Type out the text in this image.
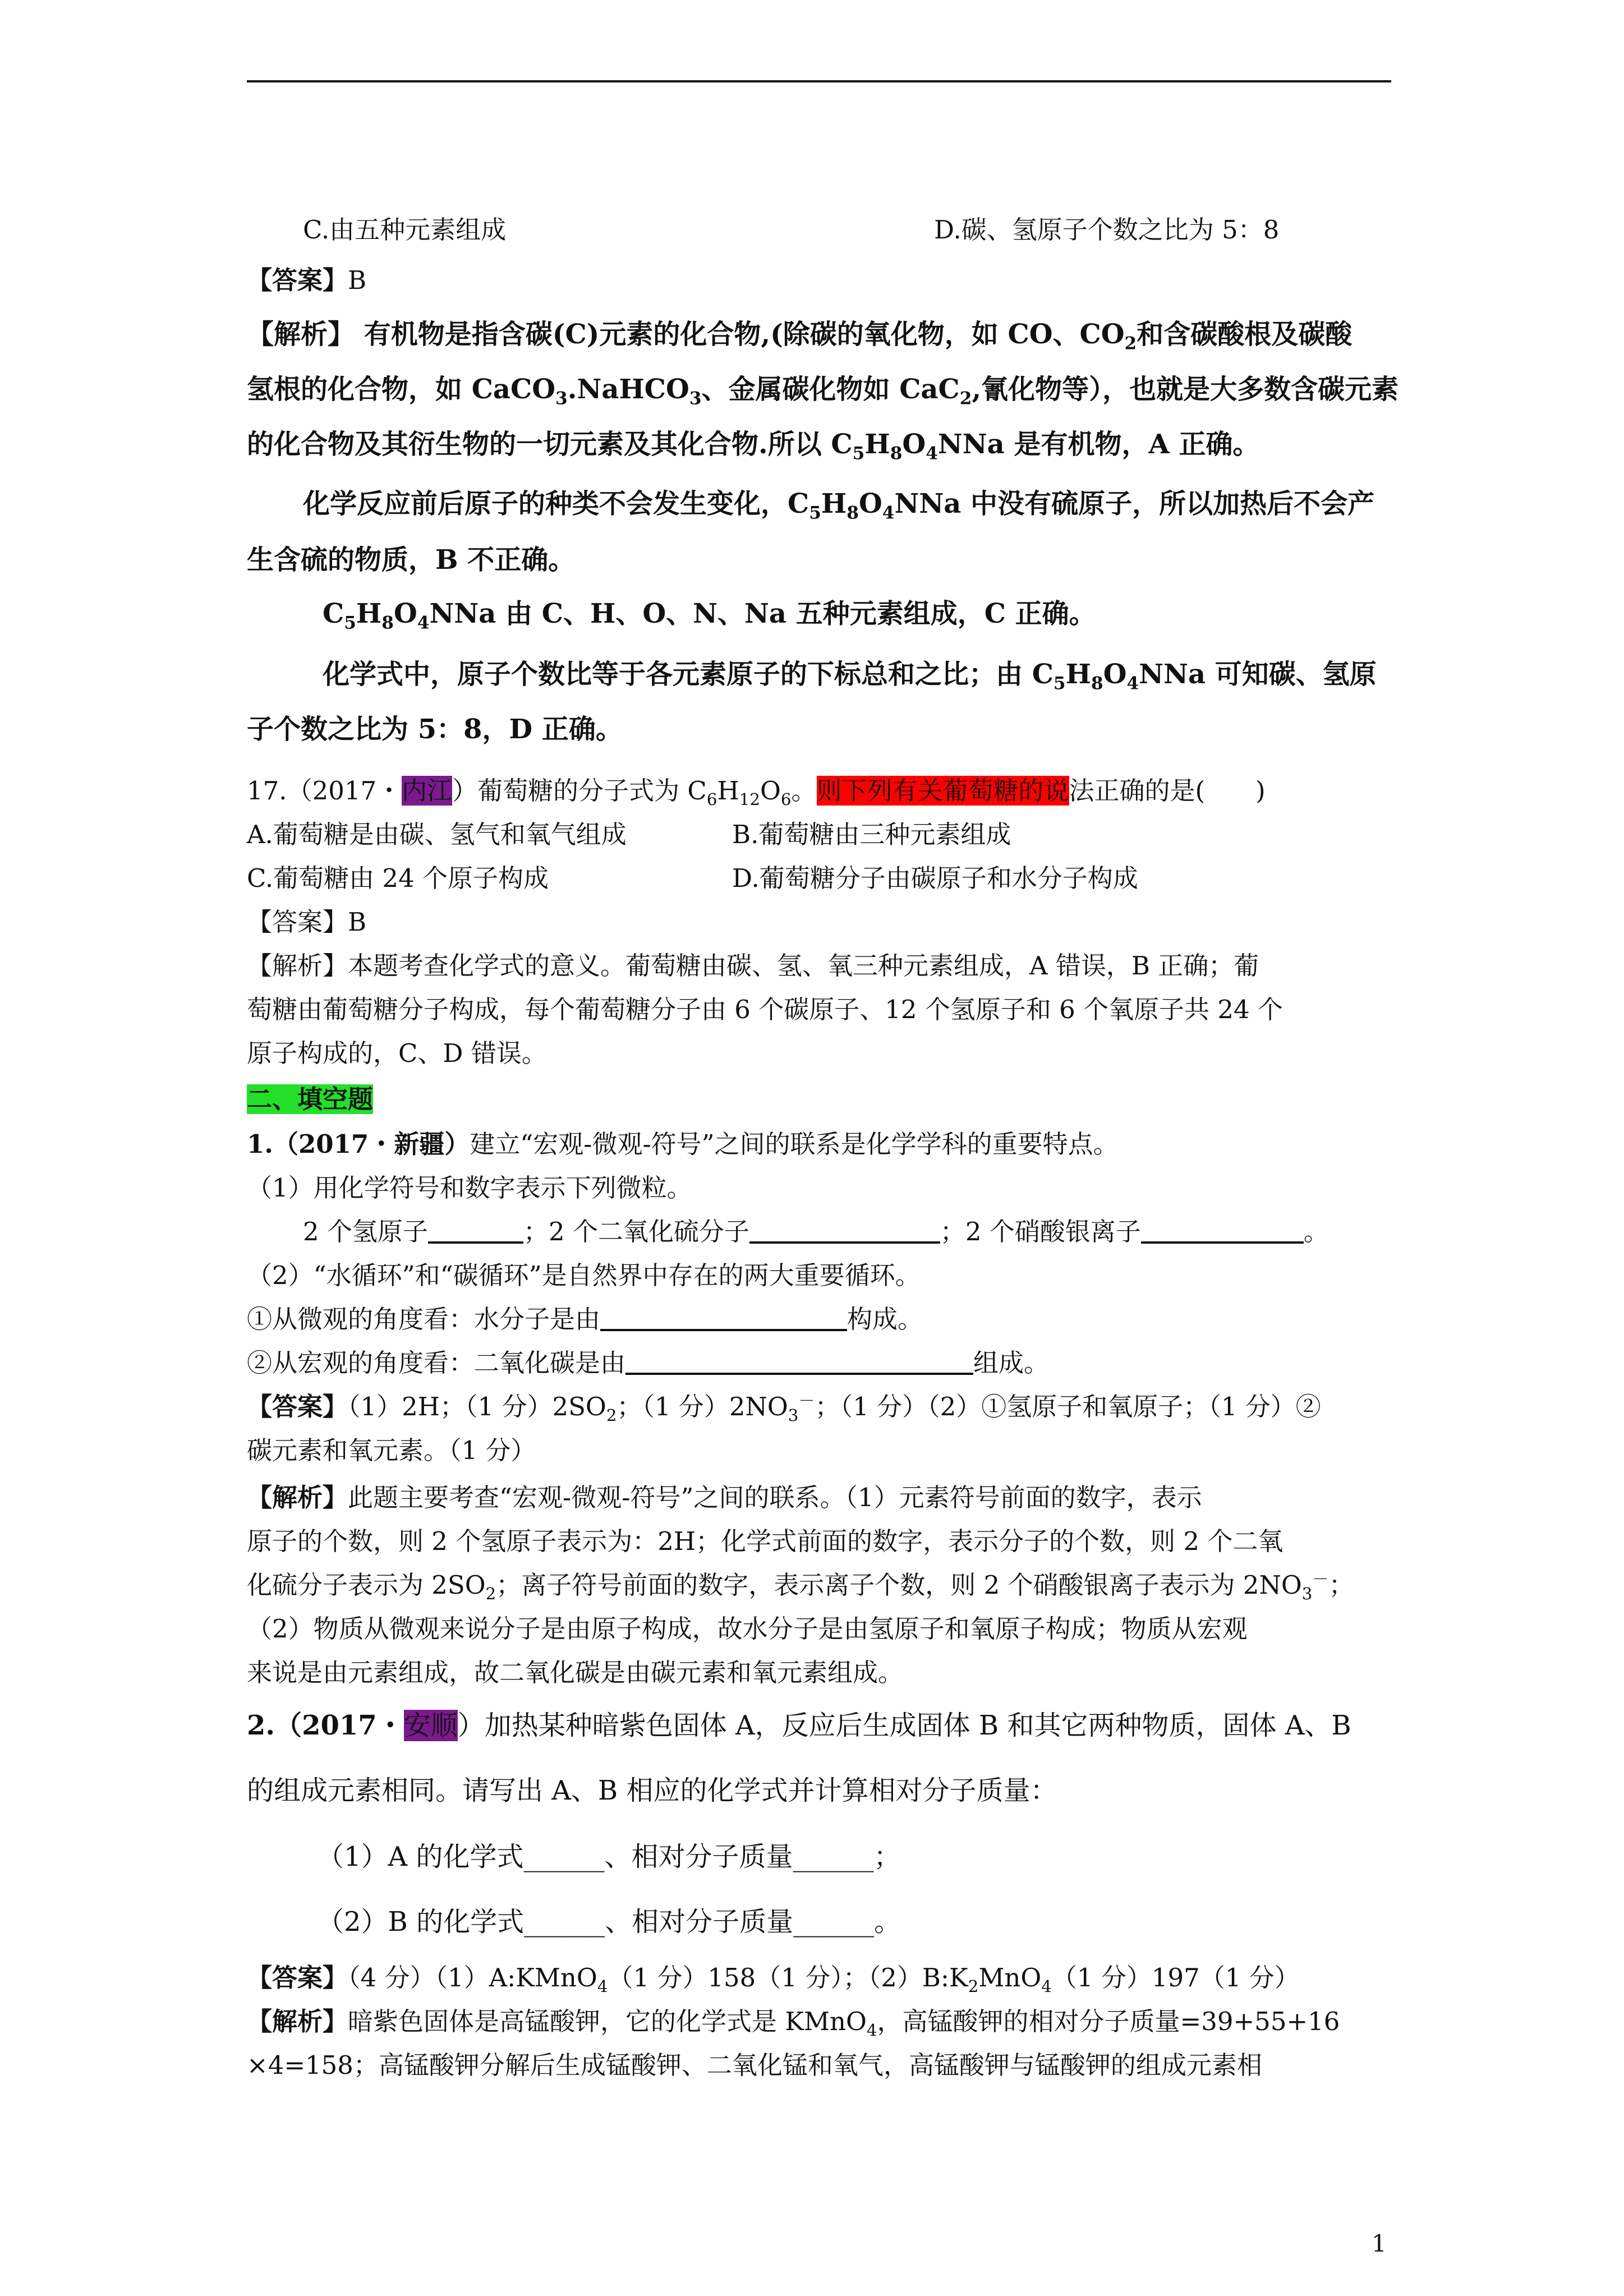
C.由五种元素组成	D.碳、氢原子个数之比为 5：8
【答案】B
【解析】 有机物是指含碳(C)元素的化合物,(除碳的氧化物，如 CO、$CO_2$和含碳酸根及碳酸
氢根的化合物，如 CaCO$_3$.NaHCO$_3$、金属碳化物如 CaC$_2$,氰化物等），也就是大多数含碳元素
的化合物及其衍生物的一切元素及其化合物.所以 $C_5H_8O_4NNa$ 是有机物，A 正确。
化学反应前后原子的种类不会发生变化，$C_5H_8O_4NNa$ 中没有硫原子，所以加热后不会产
生含硫的物质，B 不正确。
$C_5H_8O_4NNa$ 由 C、H、O、N、Na 五种元素组成，C 正确。
化学式中，原子个数比等于各元素原子的下标总和之比；由 $C_5H_8O_4NNa$ 可知碳、氢原
子个数之比为 5：8，D 正确。
17.（2017・内江）葡萄糖的分子式为 $C_6H_{12}O_6$。则下列有关葡萄糖的说法正确的是(　　)
A.葡萄糖是由碳、氢气和氧气组成	B.葡萄糖由三种元素组成
C.葡萄糖由 24 个原子构成	D.葡萄糖分子由碳原子和水分子构成
【答案】B
【解析】本题考查化学式的意义。葡萄糖由碳、氢、氧三种元素组成，A 错误，B 正确；葡
萄糖由葡萄糖分子构成，每个葡萄糖分子由 6 个碳原子、12 个氢原子和 6 个氧原子共 24 个
原子构成的，C、D 错误。
二、填空题
1.（2017・新疆）建立“宏观-微观-符号”之间的联系是化学学科的重要特点。
（1）用化学符号和数字表示下列微粒。
2 个氢原子	；2 个二氧化硫分子	；2 个硝酸银离子	。
（2）“水循环”和“碳循环”是自然界中存在的两大重要循环。
①从微观的角度看：水分子是由	构成。
②从宏观的角度看：二氧化碳是由	组成。
【答案】（1）2H；（1 分）$2SO_2$；（1 分）$2NO_3^-$；（1 分）（2）①氢原子和氧原子；（1 分）②
碳元素和氧元素。（1 分）
【解析】此题主要考查“宏观-微观-符号”之间的联系。（1）元素符号前面的数字，表示
原子的个数，则 2 个氢原子表示为：2H；化学式前面的数字，表示分子的个数，则 2 个二氧
化硫分子表示为 $2SO_2$；离子符号前面的数字，表示离子个数，则 2 个硝酸银离子表示为 $2NO_3^-$；
（2）物质从微观来说分子是由原子构成，故水分子是由氢原子和氧原子构成；物质从宏观
来说是由元素组成，故二氧化碳是由碳元素和氧元素组成。
2.（2017・安顺）加热某种暗紫色固体 A，反应后生成固体 B 和其它两种物质，固体 A、B
的组成元素相同。请写出 A、B 相应的化学式并计算相对分子质量：
（1）A 的化学式______、相对分子质量______；
（2）B 的化学式______、相对分子质量______。
【答案】（4 分）（1）A:KMnO$_4$（1 分）158（1 分）；$(2)B:K_2MnO_4(1$ 分）197（1 分）
【解析】暗紫色固体是高锰酸钾，它的化学式是 KMnO$_4$，高锰酸钾的相对分子质量=39+55+16
×4=158；高锰酸钾分解后生成锰酸钾、二氧化锰和氧气，高锰酸钾与锰酸钾的组成元素相
1
